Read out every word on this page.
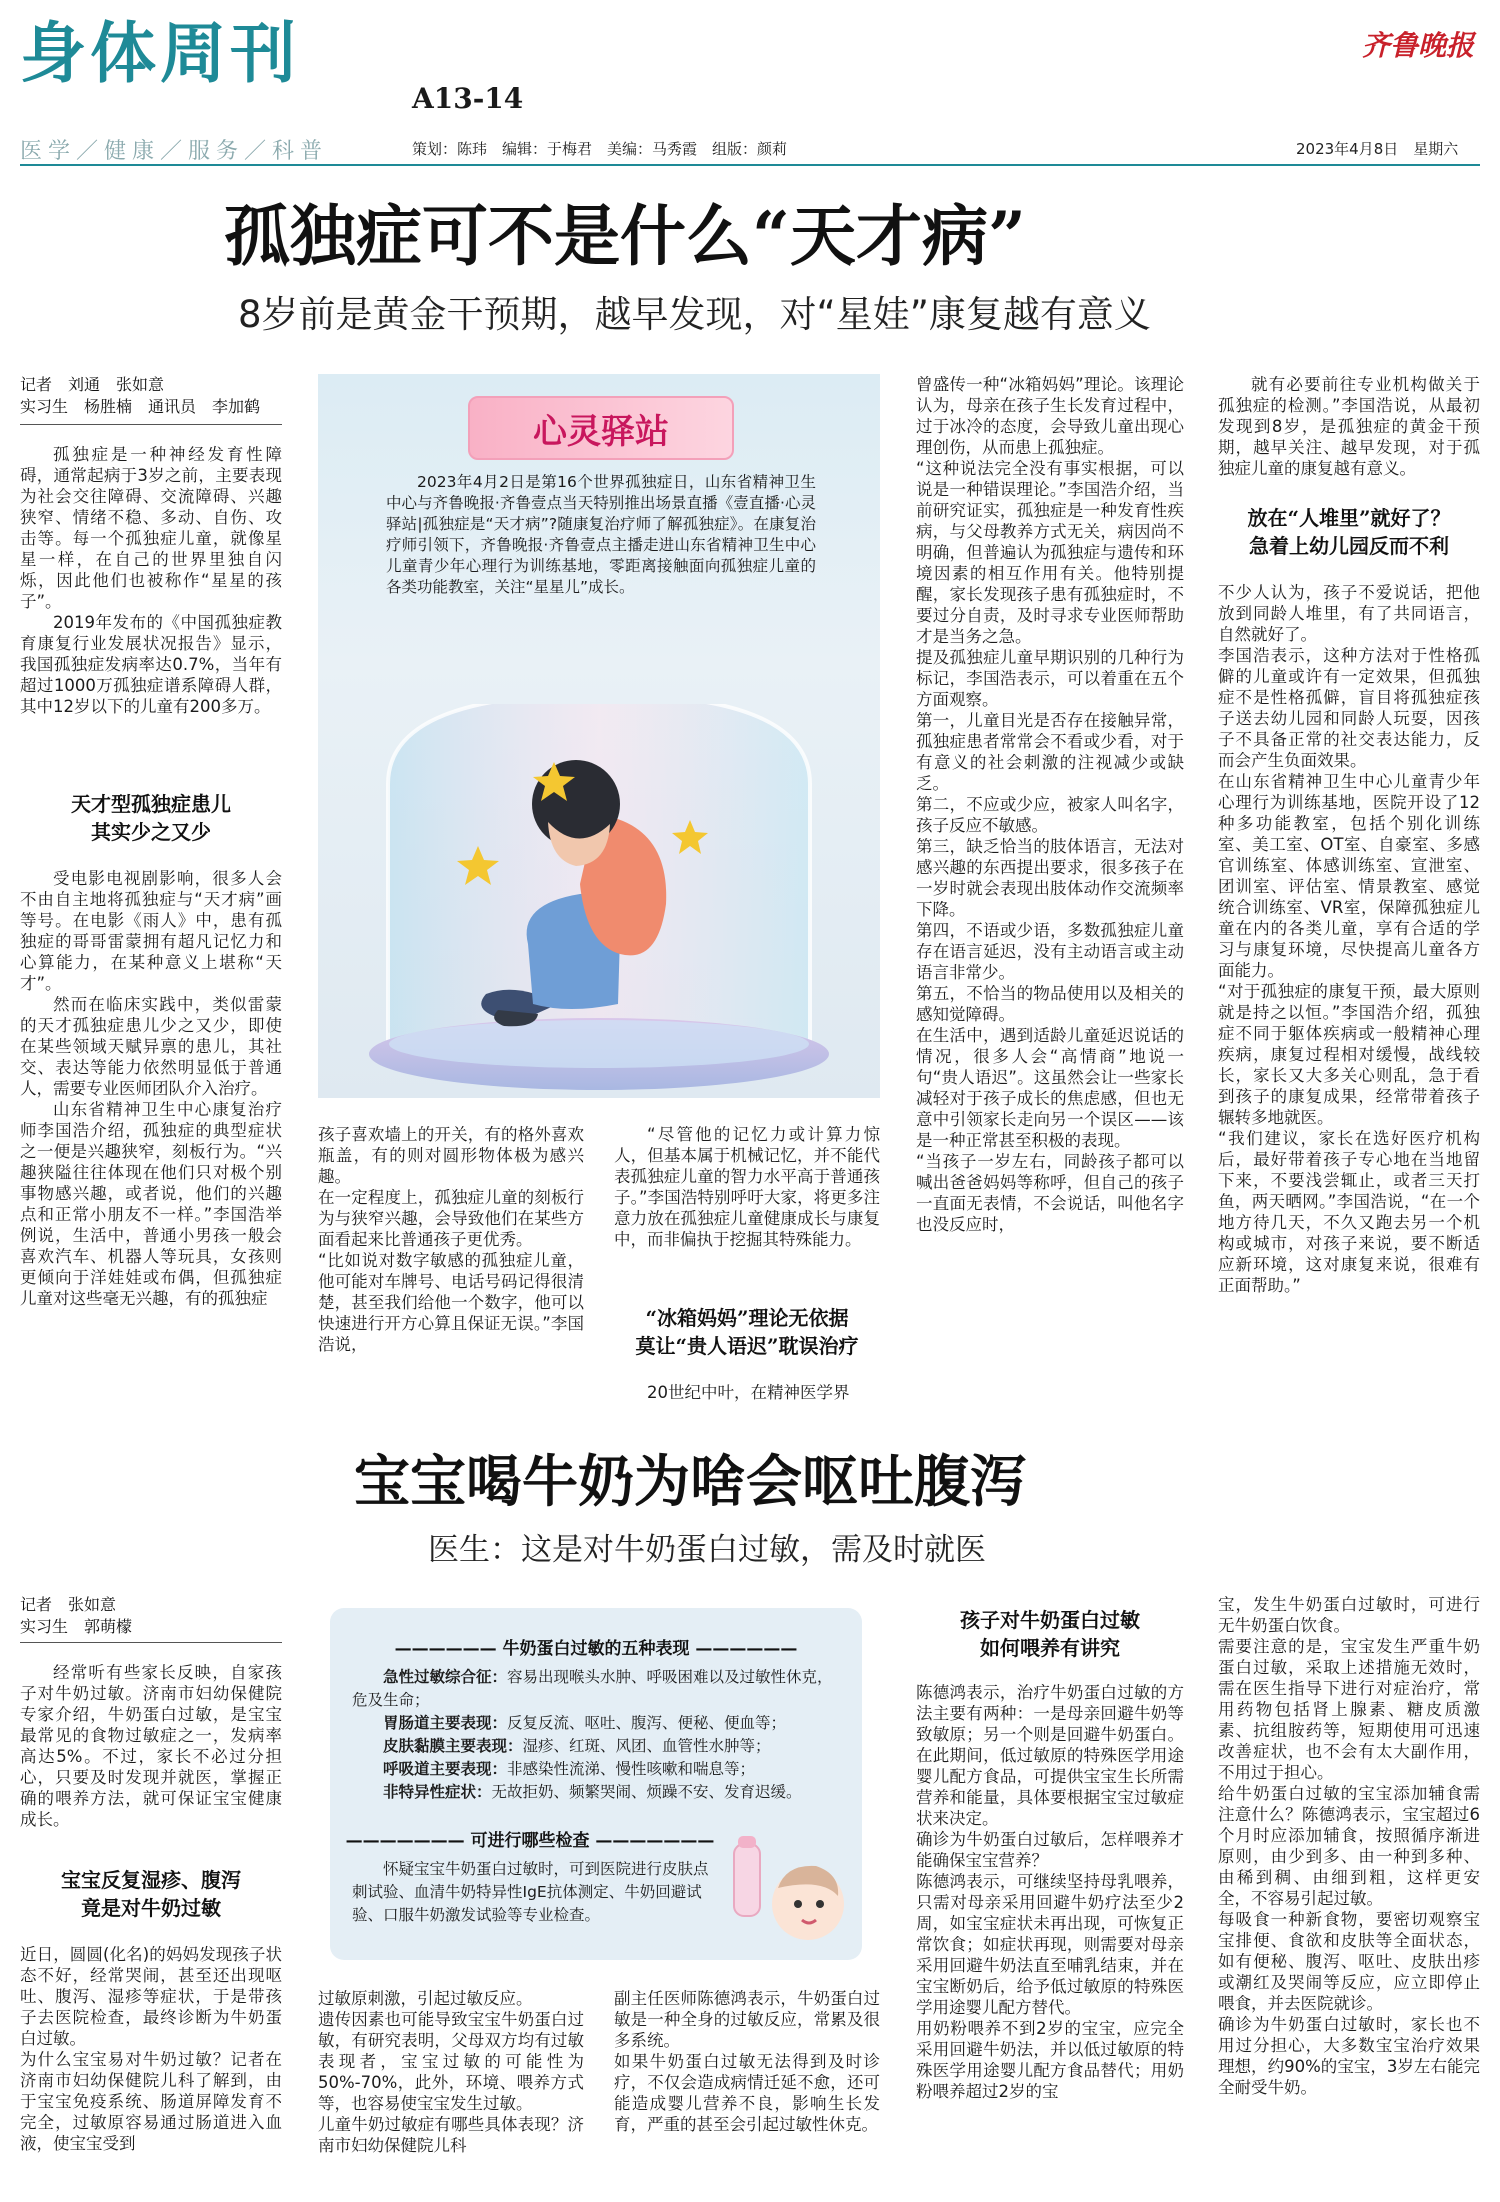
身体周刊
A13-14
医学／健康／服务／科普	策划：陈玮　编辑：于梅君　美编：马秀霞　组版：颜莉
齐鲁晚报
2023年4月8日　星期六
孤独症可不是什么“天才病”
8岁前是黄金干预期，越早发现，对“星娃”康复越有意义
记者　刘通　张如意
实习生　杨胜楠　通讯员　李加鹤

孤独症是一种神经发育性障碍，通常起病于3岁之前，主要表现为社会交往障碍、交流障碍、兴趣狭窄、情绪不稳、多动、自伤、攻击等。每一个孤独症儿童，就像星星一样，在自己的世界里独自闪烁，因此他们也被称作“星星的孩子”。

2019年发布的《中国孤独症教育康复行业发展状况报告》显示，我国孤独症发病率达0.7%，当年有超过1000万孤独症谱系障碍人群，其中12岁以下的儿童有200多万。

天才型孤独症患儿
其实少之又少

受电影电视剧影响，很多人会不由自主地将孤独症与“天才病”画等号。在电影《雨人》中，患有孤独症的哥哥雷蒙拥有超凡记忆力和心算能力，在某种意义上堪称“天才”。

然而在临床实践中，类似雷蒙的天才孤独症患儿少之又少，即使在某些领域天赋异禀的患儿，其社交、表达等能力依然明显低于普通人，需要专业医师团队介入治疗。

山东省精神卫生中心康复治疗师李国浩介绍，孤独症的典型症状之一便是兴趣狭窄，刻板行为。“兴趣狭隘往往体现在他们只对极个别事物感兴趣，或者说，他们的兴趣点和正常小朋友不一样。”李国浩举例说，生活中，普通小男孩一般会喜欢汽车、机器人等玩具，女孩则更倾向于洋娃娃或布偶，但孤独症儿童对这些毫无兴趣，有的孤独症

心灵驿站

2023年4月2日是第16个世界孤独症日，山东省精神卫生中心与齐鲁晚报·齐鲁壹点当天特别推出场景直播《壹直播·心灵驿站|孤独症是“天才病”?随康复治疗师了解孤独症》。在康复治疗师引领下，齐鲁晚报·齐鲁壹点主播走进山东省精神卫生中心儿童青少年心理行为训练基地，零距离接触面向孤独症儿童的各类功能教室，关注“星星儿”成长。

孩子喜欢墙上的开关，有的格外喜欢瓶盖，有的则对圆形物体极为感兴趣。
在一定程度上，孤独症儿童的刻板行为与狭窄兴趣，会导致他们在某些方面看起来比普通孩子更优秀。
“比如说对数字敏感的孤独症儿童，他可能对车牌号、电话号码记得很清楚，甚至我们给他一个数字，他可以快速进行开方心算且保证无误。”李国浩说，

“尽管他的记忆力或计算力惊人，但基本属于机械记忆，并不能代表孤独症儿童的智力水平高于普通孩子。”李国浩特别呼吁大家，将更多注意力放在孤独症儿童健康成长与康复中，而非偏执于挖掘其特殊能力。

“冰箱妈妈”理论无依据
莫让“贵人语迟”耽误治疗

20世纪中叶，在精神医学界

曾盛传一种“冰箱妈妈”理论。该理论认为，母亲在孩子生长发育过程中，过于冰冷的态度，会导致儿童出现心理创伤，从而患上孤独症。
“这种说法完全没有事实根据，可以说是一种错误理论。”李国浩介绍，当前研究证实，孤独症是一种发育性疾病，与父母教养方式无关，病因尚不明确，但普遍认为孤独症与遗传和环境因素的相互作用有关。他特别提醒，家长发现孩子患有孤独症时，不要过分自责，及时寻求专业医师帮助才是当务之急。
提及孤独症儿童早期识别的几种行为标记，李国浩表示，可以着重在五个方面观察。
第一，儿童目光是否存在接触异常，孤独症患者常常会不看或少看，对于有意义的社会刺激的注视减少或缺乏。
第二，不应或少应，被家人叫名字，孩子反应不敏感。
第三，缺乏恰当的肢体语言，无法对感兴趣的东西提出要求，很多孩子在一岁时就会表现出肢体动作交流频率下降。
第四，不语或少语，多数孤独症儿童存在语言延迟，没有主动语言或主动语言非常少。
第五，不恰当的物品使用以及相关的感知觉障碍。
在生活中，遇到适龄儿童延迟说话的情况，很多人会“高情商”地说一句“贵人语迟”。这虽然会让一些家长减轻对于孩子成长的焦虑感，但也无意中引领家长走向另一个误区——该是一种正常甚至积极的表现。
“当孩子一岁左右，同龄孩子都可以喊出爸爸妈妈等称呼，但自己的孩子一直面无表情，不会说话，叫他名字也没反应时，

就有必要前往专业机构做关于孤独症的检测。”李国浩说，从最初发现到8岁，是孤独症的黄金干预期，越早关注、越早发现，对于孤独症儿童的康复越有意义。

放在“人堆里”就好了？
急着上幼儿园反而不利
不少人认为，孩子不爱说话，把他放到同龄人堆里，有了共同语言，自然就好了。
李国浩表示，这种方法对于性格孤僻的儿童或许有一定效果，但孤独症不是性格孤僻，盲目将孤独症孩子送去幼儿园和同龄人玩耍，因孩子不具备正常的社交表达能力，反而会产生负面效果。
在山东省精神卫生中心儿童青少年心理行为训练基地，医院开设了12种多功能教室，包括个别化训练室、美工室、OT室、自豪室、多感官训练室、体感训练室、宣泄室、团训室、评估室、情景教室、感觉统合训练室、VR室，保障孤独症儿童在内的各类儿童，享有合适的学习与康复环境，尽快提高儿童各方面能力。
“对于孤独症的康复干预，最大原则就是持之以恒。”李国浩介绍，孤独症不同于躯体疾病或一般精神心理疾病，康复过程相对缓慢，战线较长，家长又大多关心则乱，急于看到孩子的康复成果，经常带着孩子辗转多地就医。
“我们建议，家长在选好医疗机构后，最好带着孩子专心地在当地留下来，不要浅尝辄止，或者三天打鱼，两天晒网。”李国浩说，“在一个地方待几天，不久又跑去另一个机构或城市，对孩子来说，要不断适应新环境，这对康复来说，很难有正面帮助。”
宝宝喝牛奶为啥会呕吐腹泻
医生：这是对牛奶蛋白过敏，需及时就医
记者　张如意
实习生　郭萌檬

经常听有些家长反映，自家孩子对牛奶过敏。济南市妇幼保健院专家介绍，牛奶蛋白过敏，是宝宝最常见的食物过敏症之一，发病率高达5%。不过，家长不必过分担心，只要及时发现并就医，掌握正确的喂养方法，就可保证宝宝健康成长。

宝宝反复湿疹、腹泻
竟是对牛奶过敏
近日，圆圆(化名)的妈妈发现孩子状态不好，经常哭闹，甚至还出现呕吐、腹泻、湿疹等症状，于是带孩子去医院检查，最终诊断为牛奶蛋白过敏。
为什么宝宝易对牛奶过敏？记者在济南市妇幼保健院儿科了解到，由于宝宝免疫系统、肠道屏障发育不完全，过敏原容易通过肠道进入血液，使宝宝受到
—————— 牛奶蛋白过敏的五种表现 ——————

急性过敏综合征：容易出现喉头水肿、呼吸困难以及过敏性休克，危及生命；

胃肠道主要表现：反复反流、呕吐、腹泻、便秘、便血等；

皮肤黏膜主要表现：湿疹、红斑、风团、血管性水肿等；

呼吸道主要表现：非感染性流涕、慢性咳嗽和喘息等；

非特异性症状：无故拒奶、频繁哭闹、烦躁不安、发育迟缓。

——————— 可进行哪些检查 ———————

怀疑宝宝牛奶蛋白过敏时，可到医院进行皮肤点刺试验、血清牛奶特异性IgE抗体测定、牛奶回避试验、口服牛奶激发试验等专业检查。

过敏原刺激，引起过敏反应。
遗传因素也可能导致宝宝牛奶蛋白过敏，有研究表明，父母双方均有过敏表现者，宝宝过敏的可能性为50%-70%，此外，环境、喂养方式等，也容易使宝宝发生过敏。
儿童牛奶过敏症有哪些具体表现？济南市妇幼保健院儿科
副主任医师陈德鸿表示，牛奶蛋白过敏是一种全身的过敏反应，常累及很多系统。
如果牛奶蛋白过敏无法得到及时诊疗，不仅会造成病情迁延不愈，还可能造成婴儿营养不良，影响生长发育，严重的甚至会引起过敏性休克。
孩子对牛奶蛋白过敏
如何喂养有讲究
陈德鸿表示，治疗牛奶蛋白过敏的方法主要有两种：一是母亲回避牛奶等致敏原；另一个则是回避牛奶蛋白。在此期间，低过敏原的特殊医学用途婴儿配方食品，可提供宝宝生长所需营养和能量，具体要根据宝宝过敏症状来决定。
确诊为牛奶蛋白过敏后，怎样喂养才能确保宝宝营养？
陈德鸿表示，可继续坚持母乳喂养，只需对母亲采用回避牛奶疗法至少2周，如宝宝症状未再出现，可恢复正常饮食；如症状再现，则需要对母亲采用回避牛奶法直至哺乳结束，并在宝宝断奶后，给予低过敏原的特殊医学用途婴儿配方替代。
用奶粉喂养不到2岁的宝宝，应完全采用回避牛奶法，并以低过敏原的特殊医学用途婴儿配方食品替代；用奶粉喂养超过2岁的宝
宝，发生牛奶蛋白过敏时，可进行无牛奶蛋白饮食。
需要注意的是，宝宝发生严重牛奶蛋白过敏，采取上述措施无效时，需在医生指导下进行对症治疗，常用药物包括肾上腺素、糖皮质激素、抗组胺药等，短期使用可迅速改善症状，也不会有太大副作用，不用过于担心。
给牛奶蛋白过敏的宝宝添加辅食需注意什么？陈德鸿表示，宝宝超过6个月时应添加辅食，按照循序渐进原则，由少到多、由一种到多种、由稀到稠、由细到粗，这样更安全，不容易引起过敏。
每吸食一种新食物，要密切观察宝宝排便、食欲和皮肤等全面状态，如有便秘、腹泻、呕吐、皮肤出疹或潮红及哭闹等反应，应立即停止喂食，并去医院就诊。
确诊为牛奶蛋白过敏时，家长也不用过分担心，大多数宝宝治疗效果理想，约90%的宝宝，3岁左右能完全耐受牛奶。
